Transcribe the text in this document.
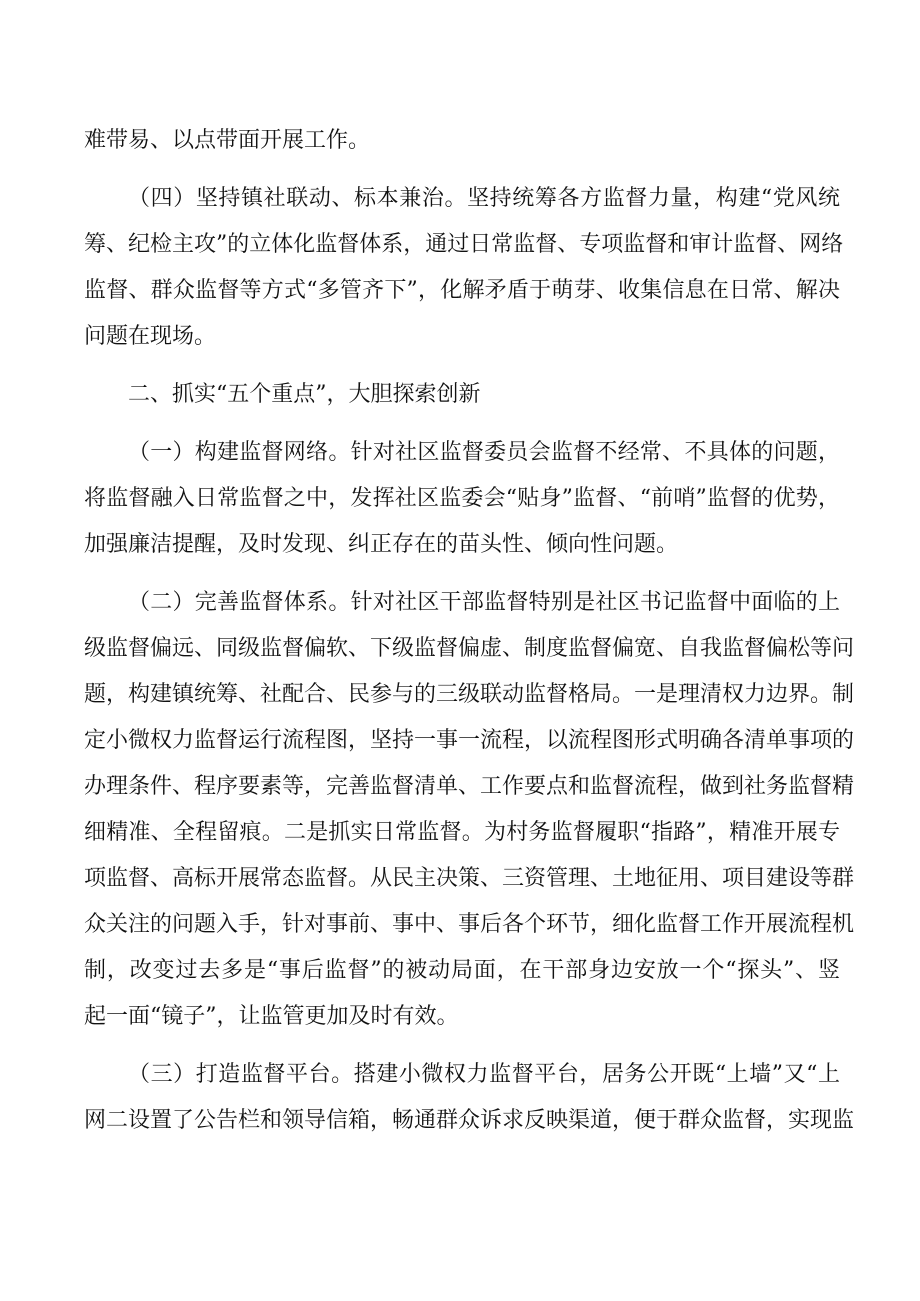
难带易、以点带面开展工作。
（四）坚持镇社联动、标本兼治。坚持统筹各方监督力量，构建“党风统
筹、纪检主攻”的立体化监督体系，通过日常监督、专项监督和审计监督、网络
监督、群众监督等方式“多管齐下”，化解矛盾于萌芽、收集信息在日常、解决
问题在现场。
二、抓实“五个重点”，大胆探索创新
（一）构建监督网络。针对社区监督委员会监督不经常、不具体的问题，
将监督融入日常监督之中，发挥社区监委会“贴身”监督、“前哨”监督的优势，
加强廉洁提醒，及时发现、纠正存在的苗头性、倾向性问题。
（二）完善监督体系。针对社区干部监督特别是社区书记监督中面临的上
级监督偏远、同级监督偏软、下级监督偏虚、制度监督偏宽、自我监督偏松等问
题，构建镇统筹、社配合、民参与的三级联动监督格局。一是理清权力边界。制
定小微权力监督运行流程图，坚持一事一流程，以流程图形式明确各清单事项的
办理条件、程序要素等，完善监督清单、工作要点和监督流程，做到社务监督精
细精准、全程留痕。二是抓实日常监督。为村务监督履职“指路”，精准开展专
项监督、高标开展常态监督。从民主决策、三资管理、土地征用、项目建设等群
众关注的问题入手，针对事前、事中、事后各个环节，细化监督工作开展流程机
制，改变过去多是“事后监督”的被动局面，在干部身边安放一个“探头”、竖
起一面“镜子”，让监管更加及时有效。
（三）打造监督平台。搭建小微权力监督平台，居务公开既“上墙”又“上
网二设置了公告栏和领导信箱，畅通群众诉求反映渠道，便于群众监督，实现监
